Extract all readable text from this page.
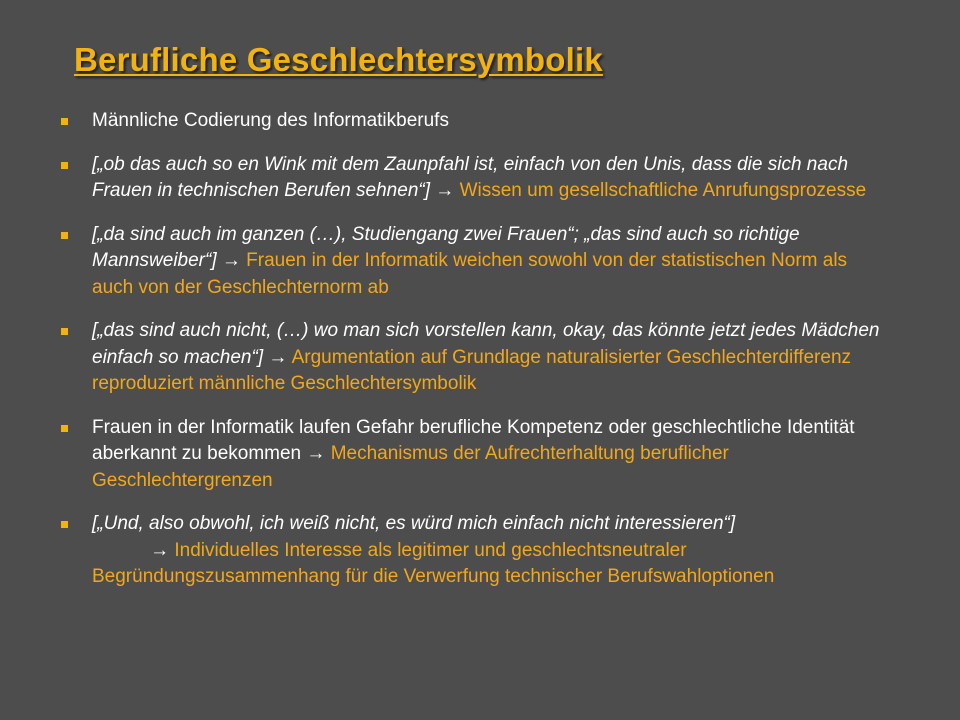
Berufliche Geschlechtersymbolik
Männliche Codierung des Informatikberufs
[„ob das auch so en Wink mit dem Zaunpfahl ist, einfach von den Unis, dass die sich nach Frauen in technischen Berufen sehnen“] → Wissen um gesellschaftliche Anrufungsprozesse
[„da sind auch im ganzen (…), Studiengang zwei Frauen“; „das sind auch so richtige Mannsweiber“] → Frauen in der Informatik weichen sowohl von der statistischen Norm als auch von der Geschlechternorm ab
[„das sind auch nicht, (…) wo man sich vorstellen kann, okay, das könnte jetzt jedes Mädchen einfach so machen“] → Argumentation auf Grundlage naturalisierter Geschlechterdifferenz reproduziert männliche Geschlechtersymbolik
Frauen in der Informatik laufen Gefahr berufliche Kompetenz oder geschlechtliche Identität aberkannt zu bekommen → Mechanismus der Aufrechterhaltung beruflicher Geschlechtergrenzen
[„Und, also obwohl, ich weiß nicht, es würd mich einfach nicht interessieren“]           → Individuelles Interesse als legitimer und geschlechtsneutraler Begründungszusammenhang für die Verwerfung technischer Berufswahloptionen
